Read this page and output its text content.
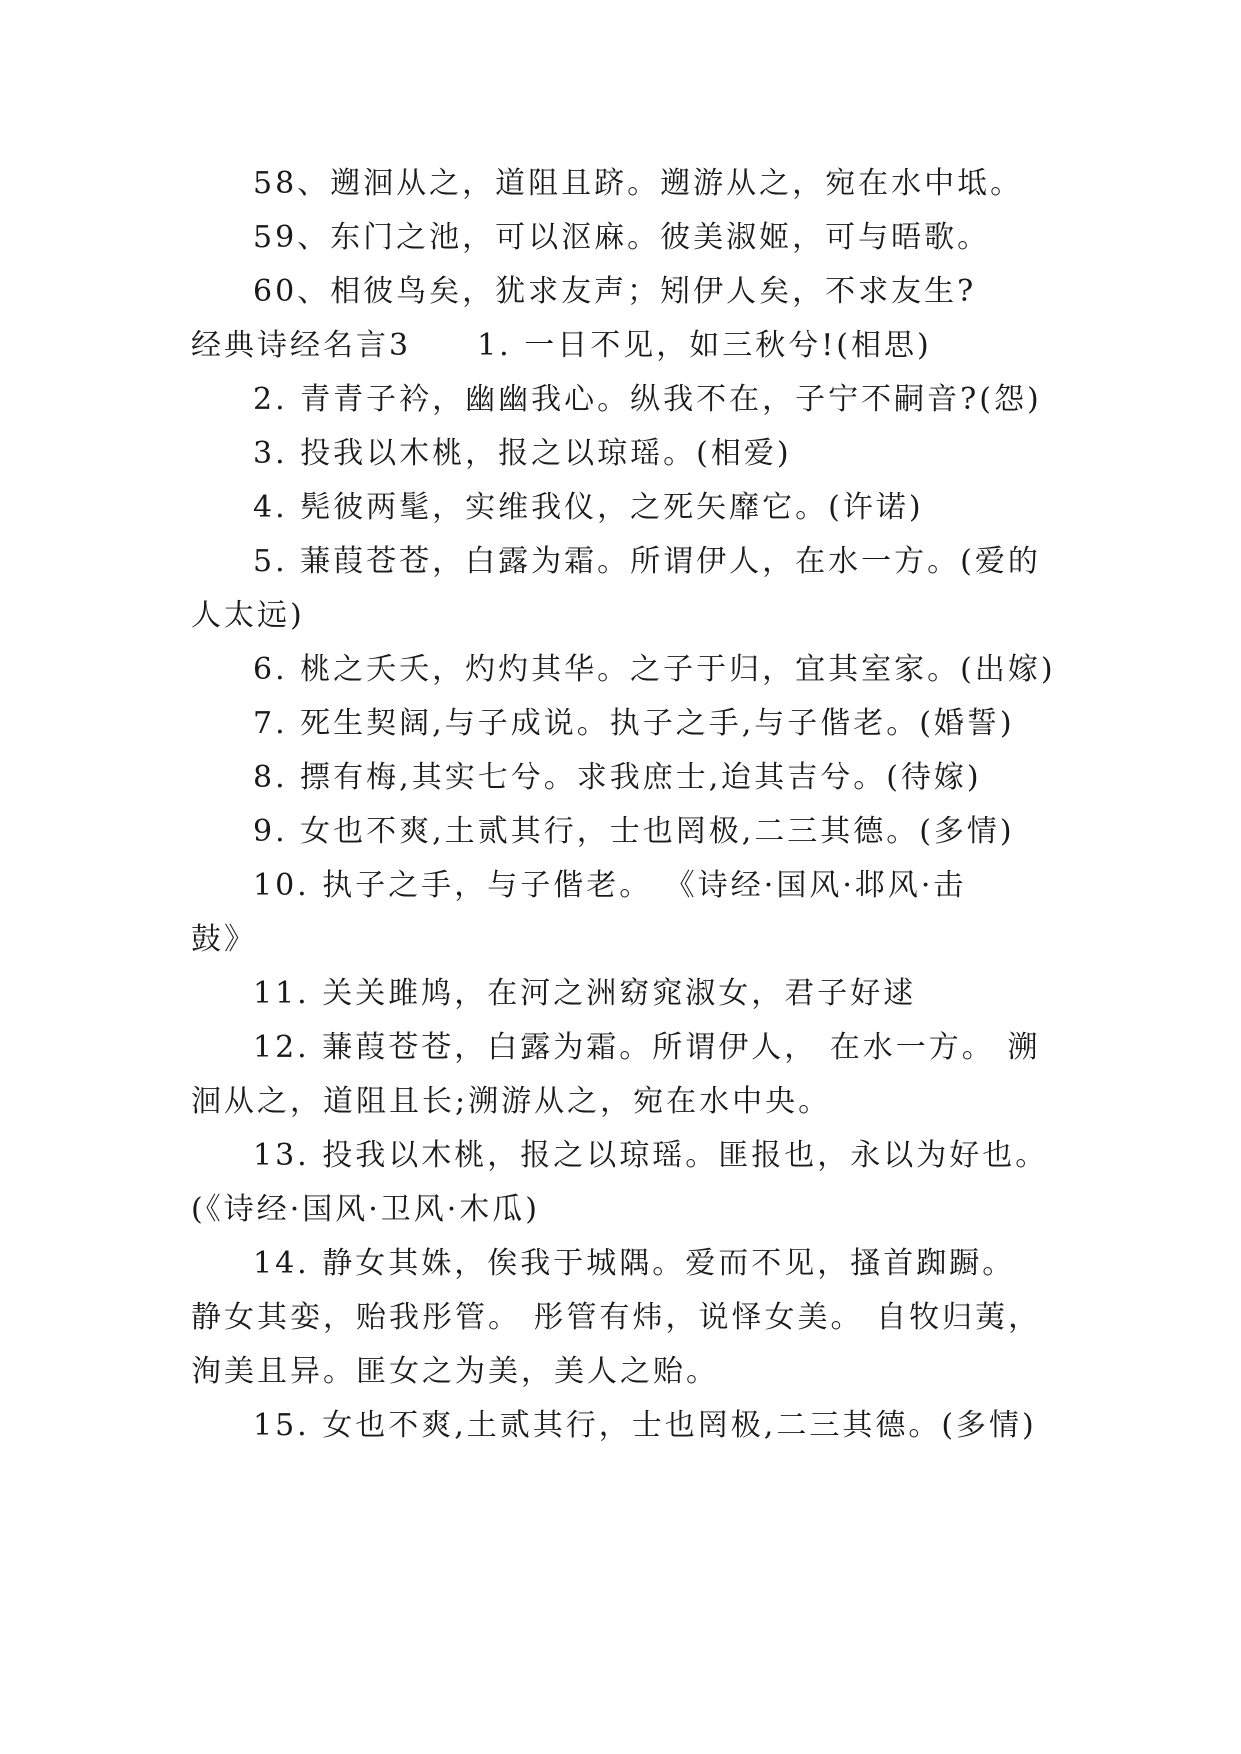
58、遡洄从之，道阻且跻。遡游从之，宛在水中坻。
59、东门之池，可以沤麻。彼美淑姬，可与晤歌。
60、相彼鸟矣，犹求友声；矧伊人矣，不求友生?
经典诗经名言3　　1. 一日不见，如三秋兮!(相思)
2. 青青子衿，幽幽我心。纵我不在，子宁不嗣音?(怨)
3. 投我以木桃，报之以琼瑶。(相爱)
4. 髡彼两髦，实维我仪，之死矢靡它。(许诺)
5. 蒹葭苍苍，白露为霜。所谓伊人，在水一方。(爱的
人太远)
6. 桃之夭夭，灼灼其华。之子于归，宜其室家。(出嫁)
7. 死生契阔,与子成说。执子之手,与子偕老。(婚誓)
8. 摽有梅,其实七兮。求我庶士,迨其吉兮。(待嫁)
9. 女也不爽,土贰其行，士也罔极,二三其德。(多情)
10. 执子之手，与子偕老。 《诗经·国风·邶风·击
鼓》
11. 关关雎鸠，在河之洲窈窕淑女，君子好逑
12. 蒹葭苍苍，白露为霜。所谓伊人， 在水一方。 溯
洄从之，道阻且长;溯游从之，宛在水中央。
13. 投我以木桃，报之以琼瑶。匪报也，永以为好也。
(《诗经·国风·卫风·木瓜)
14. 静女其姝，俟我于城隅。爱而不见，搔首踟蹰。
静女其娈，贻我彤管。 彤管有炜，说怿女美。 自牧归荑，
洵美且异。匪女之为美，美人之贻。
15. 女也不爽,土贰其行，士也罔极,二三其德。(多情)
